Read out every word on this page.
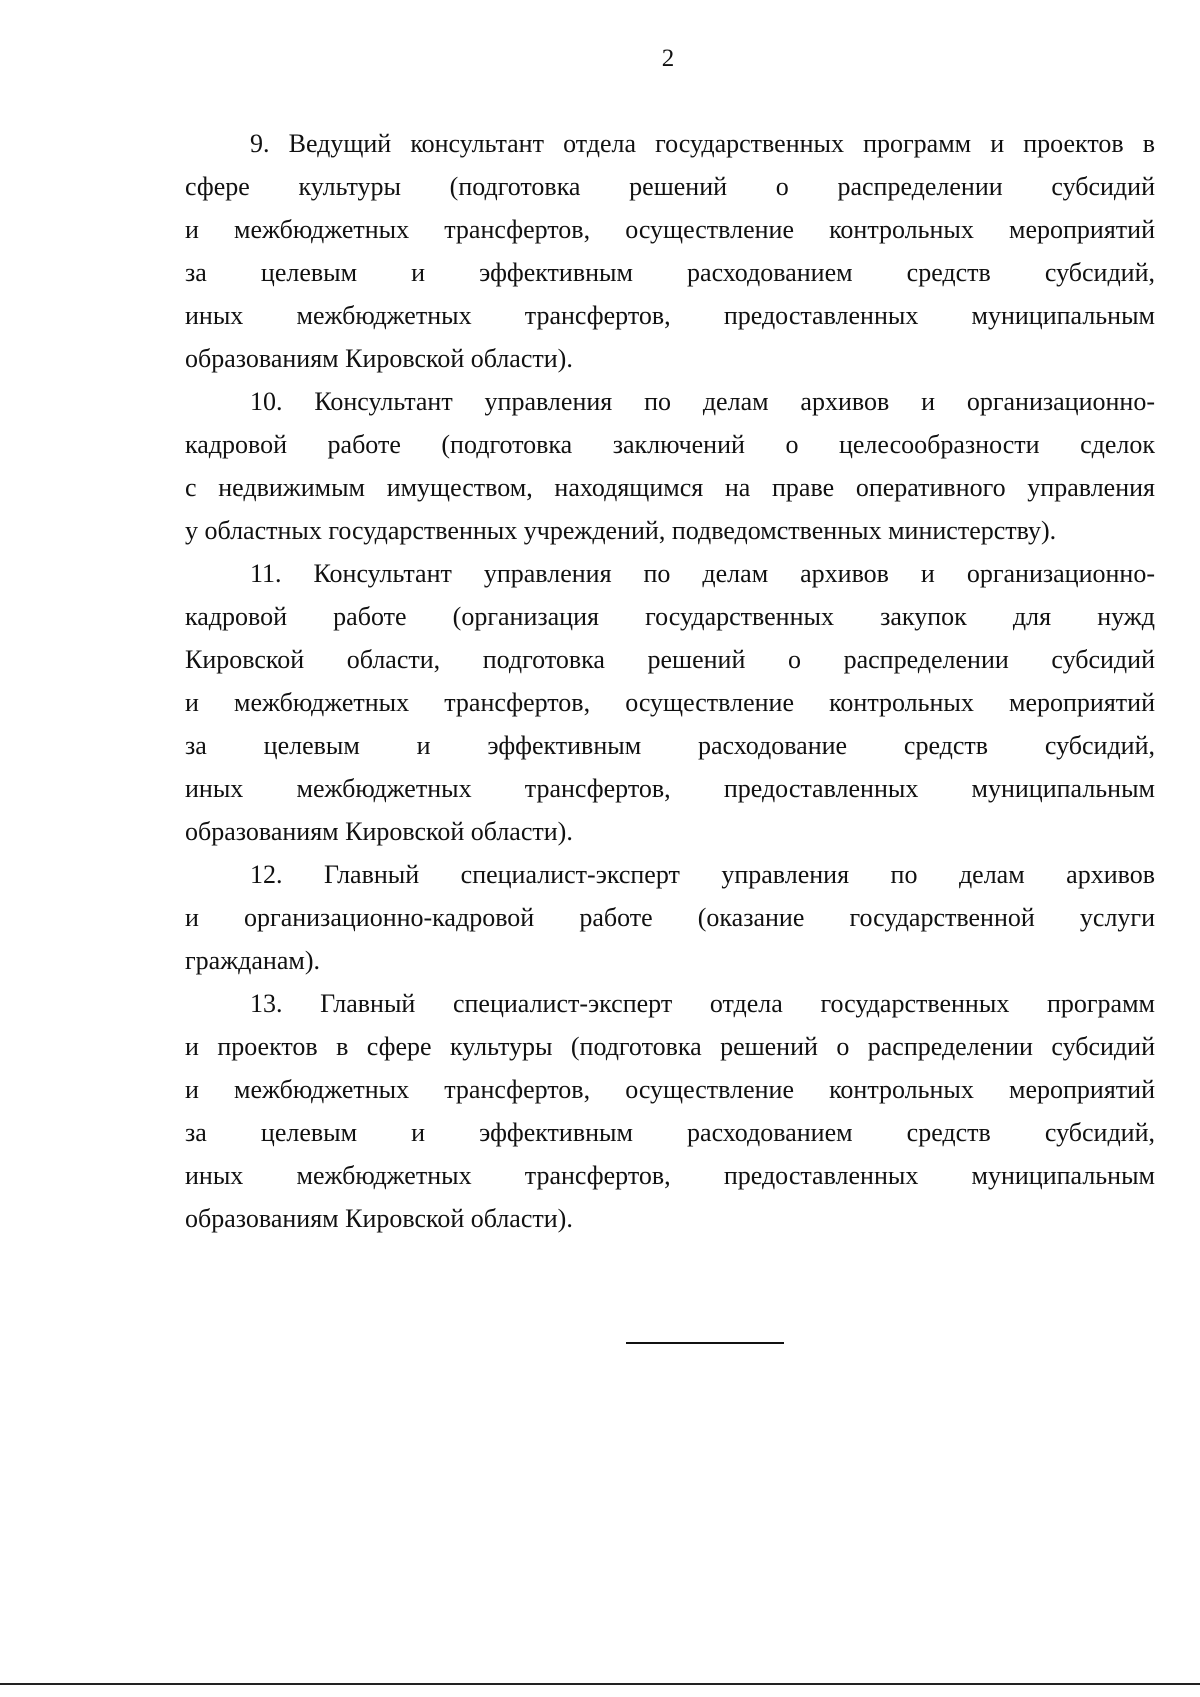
2

9. Ведущий консультант отдела государственных программ и проектов в
сфере культуры (подготовка решений о распределении субсидий
и межбюджетных трансфертов, осуществление контрольных мероприятий
за целевым и эффективным расходованием средств субсидий,
иных межбюджетных трансфертов, предоставленных муниципальным
образованиям Кировской области).

10. Консультант управления по делам архивов и организационно-
кадровой работе (подготовка заключений о целесообразности сделок
с недвижимым имуществом, находящимся на праве оперативного управления
у областных государственных учреждений, подведомственных министерству).

11. Консультант управления по делам архивов и организационно-
кадровой работе (организация государственных закупок для нужд
Кировской области, подготовка решений о распределении субсидий
и межбюджетных трансфертов, осуществление контрольных мероприятий
за целевым и эффективным расходование средств субсидий,
иных межбюджетных трансфертов, предоставленных муниципальным
образованиям Кировской области).

12. Главный специалист-эксперт управления по делам архивов
и организационно-кадровой работе (оказание государственной услуги
гражданам).

13. Главный специалист-эксперт отдела государственных программ
и проектов в сфере культуры (подготовка решений о распределении субсидий
и межбюджетных трансфертов, осуществление контрольных мероприятий
за целевым и эффективным расходованием средств субсидий,
иных межбюджетных трансфертов, предоставленных муниципальным
образованиям Кировской области).
